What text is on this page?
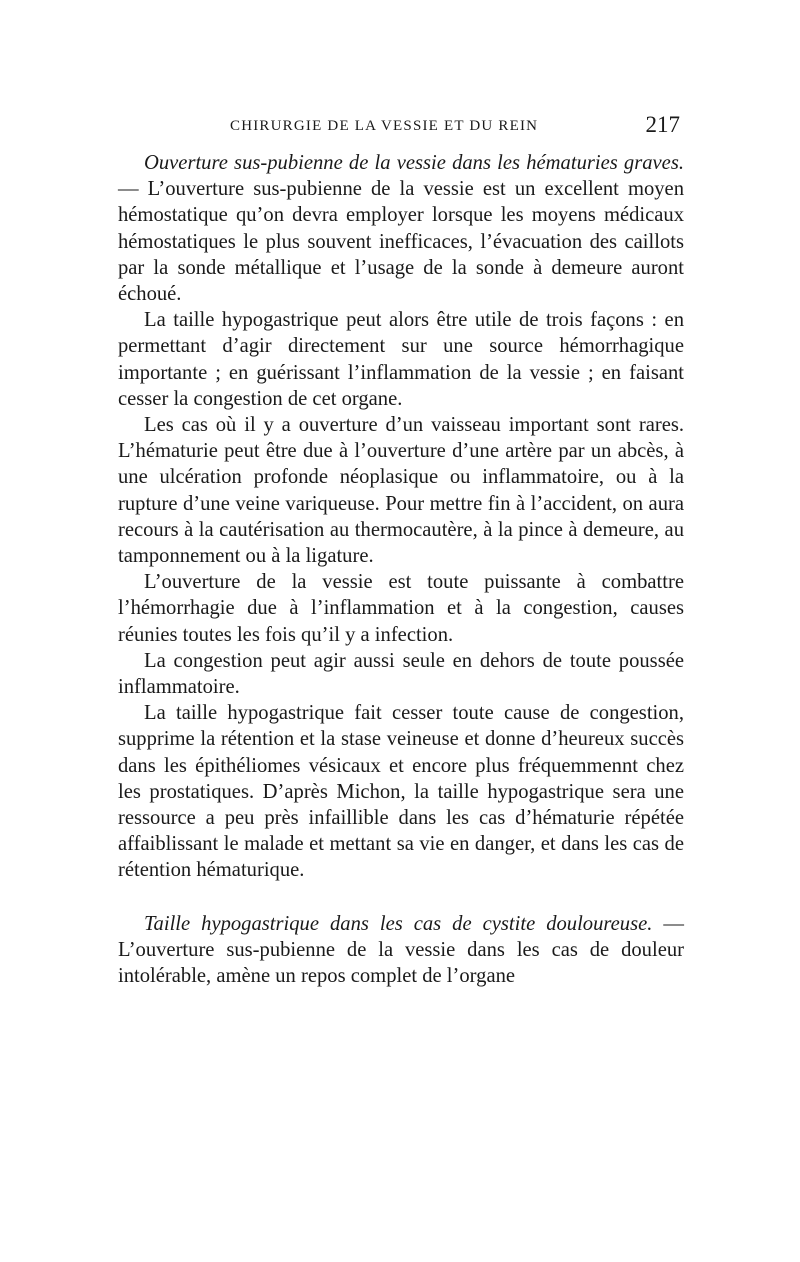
CHIRURGIE DE LA VESSIE ET DU REIN	217

Ouverture sus-pubienne de la vessie dans les hématuries graves. — L’ouverture sus-pubienne de la vessie est un excellent moyen hémostatique qu’on devra employer lorsque les moyens médicaux hémostatiques le plus souvent inefficaces, l’évacuation des caillots par la sonde métallique et l’usage de la sonde à demeure auront échoué.

La taille hypogastrique peut alors être utile de trois façons : en permettant d’agir directement sur une source hémorrhagique importante ; en guérissant l’inflammation de la vessie ; en faisant cesser la congestion de cet organe.

Les cas où il y a ouverture d’un vaisseau important sont rares. L’hématurie peut être due à l’ouverture d’une artère par un abcès, à une ulcération profonde néoplasique ou inflammatoire, ou à la rupture d’une veine variqueuse. Pour mettre fin à l’accident, on aura recours à la cautérisation au thermocautère, à la pince à demeure, au tamponnement ou à la ligature.

L’ouverture de la vessie est toute puissante à combattre l’hémorrhagie due à l’inflammation et à la congestion, causes réunies toutes les fois qu’il y a infection.

La congestion peut agir aussi seule en dehors de toute poussée inflammatoire.

La taille hypogastrique fait cesser toute cause de congestion, supprime la rétention et la stase veineuse et donne d’heureux succès dans les épithéliomes vésicaux et encore plus fréquemmennt chez les prostatiques. D’après Michon, la taille hypogastrique sera une ressource a peu près infaillible dans les cas d’hématurie répétée affaiblissant le malade et mettant sa vie en danger, et dans les cas de rétention hématurique.

Taille hypogastrique dans les cas de cystite douloureuse. — L’ouverture sus-pubienne de la vessie dans les cas de douleur intolérable, amène un repos complet de l’organe
